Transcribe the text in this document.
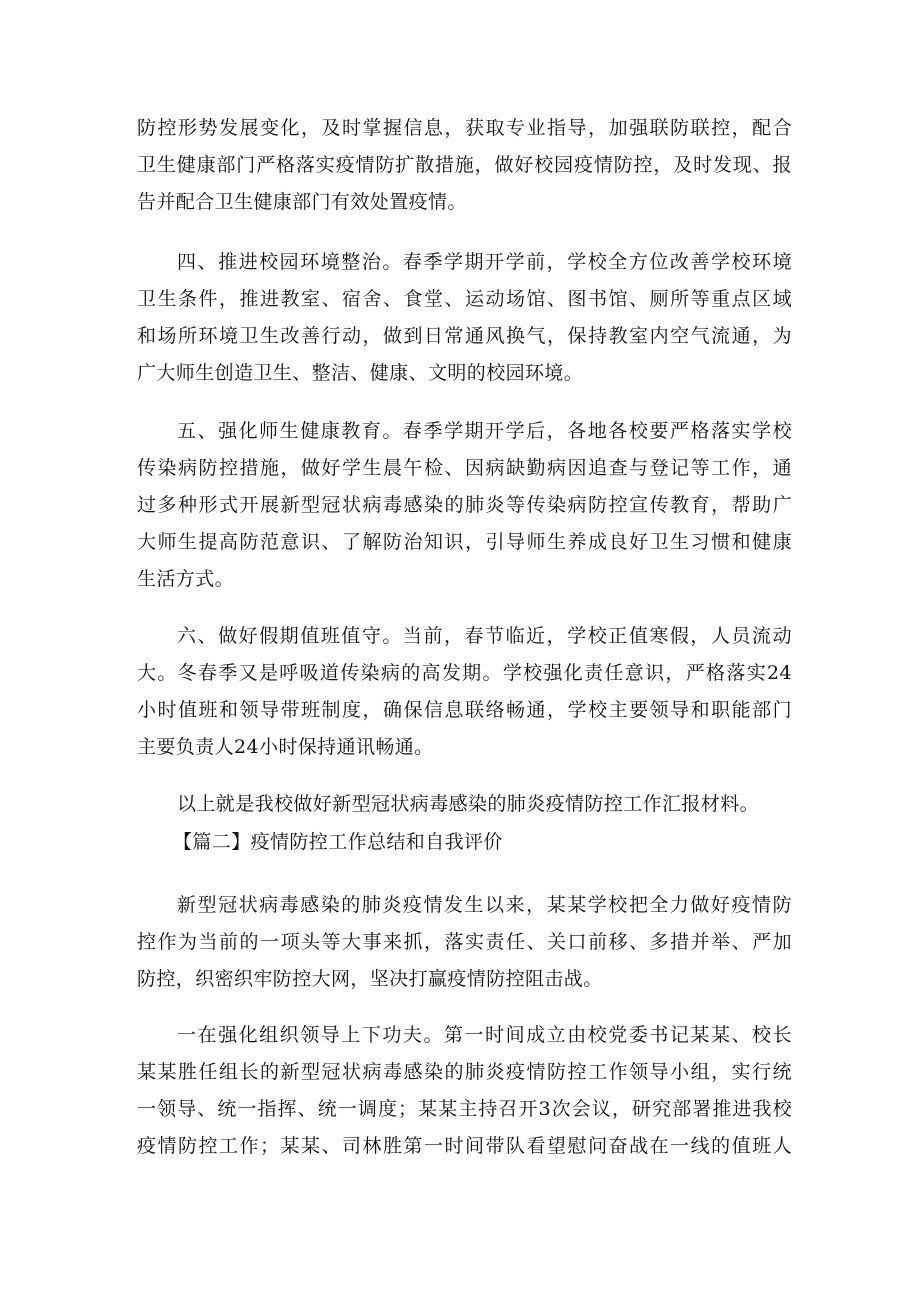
防控形势发展变化，及时掌握信息，获取专业指导，加强联防联控，配合
卫生健康部门严格落实疫情防扩散措施，做好校园疫情防控，及时发现、报
告并配合卫生健康部门有效处置疫情。
四、推进校园环境整治。春季学期开学前，学校全方位改善学校环境
卫生条件，推进教室、宿舍、食堂、运动场馆、图书馆、厕所等重点区域
和场所环境卫生改善行动，做到日常通风换气，保持教室内空气流通，为
广大师生创造卫生、整洁、健康、文明的校园环境。
五、强化师生健康教育。春季学期开学后，各地各校要严格落实学校
传染病防控措施，做好学生晨午检、因病缺勤病因追查与登记等工作，通
过多种形式开展新型冠状病毒感染的肺炎等传染病防控宣传教育，帮助广
大师生提高防范意识、了解防治知识，引导师生养成良好卫生习惯和健康
生活方式。
六、做好假期值班值守。当前，春节临近，学校正值寒假，人员流动
大。冬春季又是呼吸道传染病的高发期。学校强化责任意识，严格落实24
小时值班和领导带班制度，确保信息联络畅通，学校主要领导和职能部门
主要负责人24小时保持通讯畅通。
以上就是我校做好新型冠状病毒感染的肺炎疫情防控工作汇报材料。
【篇二】疫情防控工作总结和自我评价
新型冠状病毒感染的肺炎疫情发生以来，某某学校把全力做好疫情防
控作为当前的一项头等大事来抓，落实责任、关口前移、多措并举、严加
防控，织密织牢防控大网，坚决打赢疫情防控阻击战。
一在强化组织领导上下功夫。第一时间成立由校党委书记某某、校长
某某胜任组长的新型冠状病毒感染的肺炎疫情防控工作领导小组，实行统
一领导、统一指挥、统一调度；某某主持召开3次会议，研究部署推进我校
疫情防控工作；某某、司林胜第一时间带队看望慰问奋战在一线的值班人
